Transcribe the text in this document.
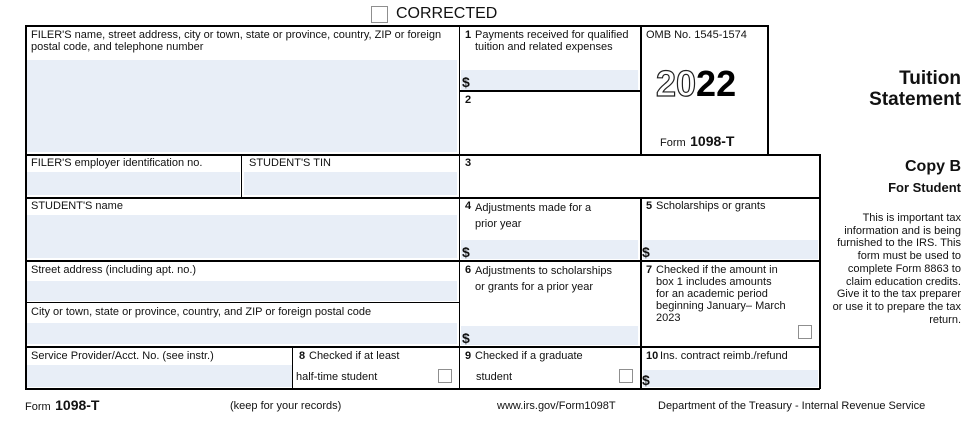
CORRECTED
FILER'S name, street address, city or town, state or province, country, ZIP or foreign postal code, and telephone number
1 Payments received for qualified tuition and related expenses
$
2
OMB No. 1545-1574
2022
Form 1098-T
Tuition
Statement
FILER'S employer identification no.	STUDENT'S TIN	3	Copy B
For Student
This is important tax information and is being furnished to the IRS. This form must be used to complete Form 8863 to claim education credits. Give it to the tax preparer or use it to prepare the tax return.
STUDENT'S name	4 Adjustments made for a prior year
$
5 Scholarships or grants
$
Street address (including apt. no.)
City or town, state or province, country, and ZIP or foreign postal code
6 Adjustments to scholarships or grants for a prior year
$
7 Checked if the amount in box 1 includes amounts for an academic period beginning January– March 2023
Service Provider/Acct. No. (see instr.)	8 Checked if at least
half-time student
9 Checked if a graduate
student
10 Ins. contract reimb./refund
$
Form 1098-T	(keep for your records)	www.irs.gov/Form1098T	Department of the Treasury - Internal Revenue Service
